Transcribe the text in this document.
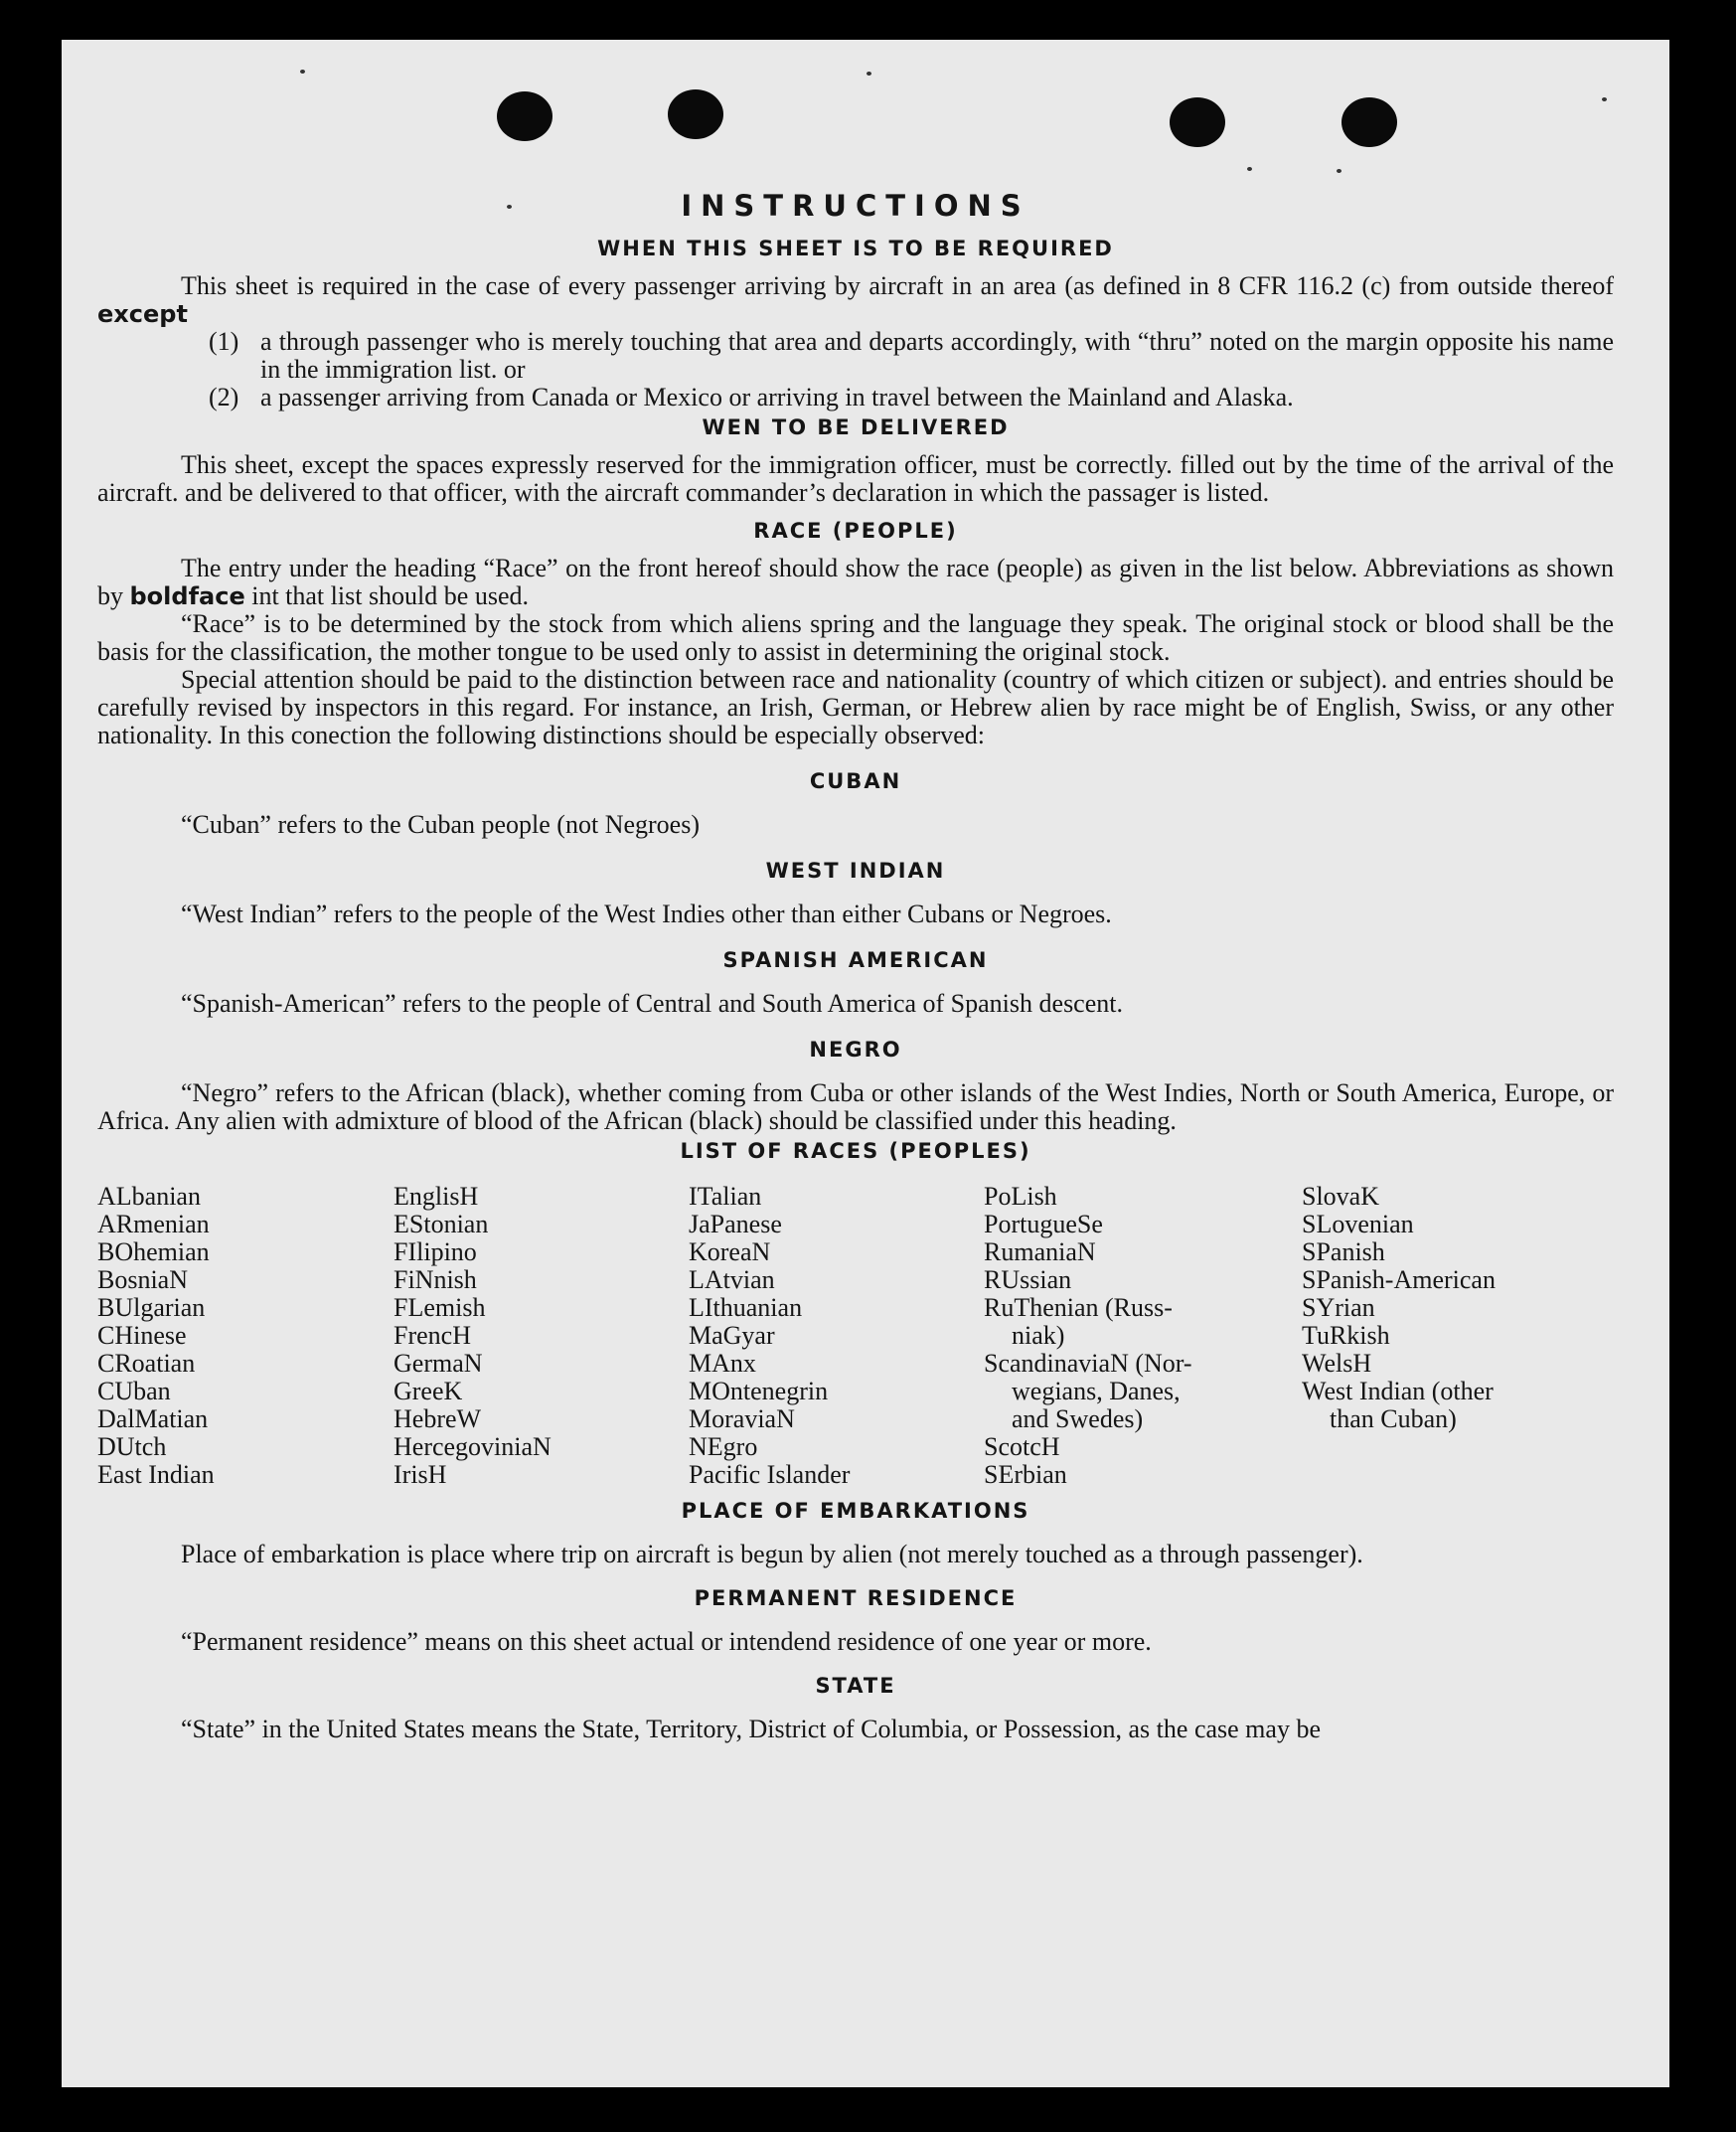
INSTRUCTIONS
WHEN THIS SHEET IS TO BE REQUIRED

This sheet is required in the case of every passenger arriving by aircraft in an area (as defined in 8 CFR 116.2 (c) from outside thereof except

(1) a through passenger who is merely touching that area and departs accordingly, with “thru” noted on the margin opposite his name in the immigration list. or
(2) a passenger arriving from Canada or Mexico or arriving in travel between the Mainland and Alaska.
WEN TO BE DELIVERED

This sheet, except the spaces expressly reserved for the immigration officer, must be correctly. filled out by the time of the arrival of the aircraft. and be delivered to that officer, with the aircraft commander’s declaration in which the passager is listed.

RACE (PEOPLE)

The entry under the heading “Race” on the front hereof should show the race (people) as given in the list below. Abbreviations as shown by boldface int that list should be used.

“Race” is to be determined by the stock from which aliens spring and the language they speak. The original stock or blood shall be the basis for the classification, the mother tongue to be used only to assist in determining the original stock.

Special attention should be paid to the distinction between race and nationality (country of which citizen or subject). and entries should be carefully revised by inspectors in this regard. For instance, an Irish, German, or Hebrew alien by race might be of English, Swiss, or any other nationality. In this conection the following distinctions should be especially observed:

CUBAN

“Cuban” refers to the Cuban people (not Negroes)

WEST INDIAN

“West Indian” refers to the people of the West Indies other than either Cubans or Negroes.

SPANISH AMERICAN

“Spanish-American” refers to the people of Central and South America of Spanish descent.

NEGRO

“Negro” refers to the African (black), whether coming from Cuba or other islands of the West Indies, North or South America, Europe, or Africa. Any alien with admixture of blood of the African (black) should be classified under this heading.

LIST OF RACES (PEOPLES)
ALbanian
ARmenian
BOhemian
BosniaN
BUlgarian
CHinese
CRoatian
CUban
DalMatian
DUtch
East Indian
EnglisH
EStonian
FIlipino
FiNnish
FLemish
FrencH
GermaN
GreeK
HebreW
HercegoviniaN
IrisH
ITalian
JaPanese
KoreaN
LAtvian
LIthuanian
MaGyar
MAnx
MOntenegrin
MoraviaN
NEgro
Pacific Islander
PoLish
PortugueSe
RumaniaN
RUssian
RuThenian (Russ-
niak)
ScandinaviaN (Nor-
wegians, Danes,
and Swedes)
ScotcH
SErbian
SlovaK
SLovenian
SPanish
SPanish-American
SYrian
TuRkish
WelsH
West Indian (other
than Cuban)
PLACE OF EMBARKATIONS

Place of embarkation is place where trip on aircraft is begun by alien (not merely touched as a through passenger).

PERMANENT RESIDENCE

“Permanent residence” means on this sheet actual or intendend residence of one year or more.

STATE

“State” in the United States means the State, Territory, District of Columbia, or Possession, as the case may be
